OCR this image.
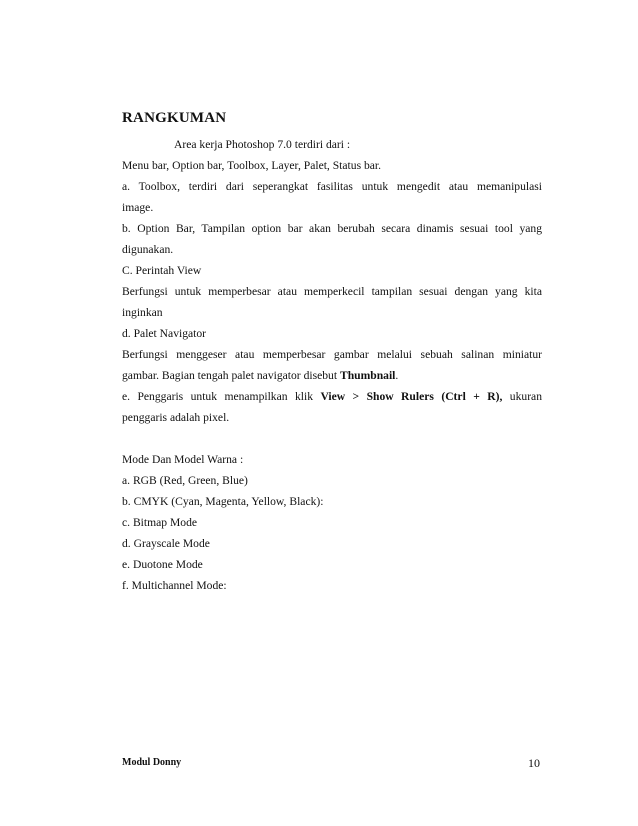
RANGKUMAN
Area kerja Photoshop 7.0 terdiri dari :
Menu bar, Option bar, Toolbox, Layer, Palet, Status bar.
a. Toolbox, terdiri dari seperangkat fasilitas untuk mengedit atau memanipulasi
image.
b. Option Bar, Tampilan option bar akan berubah secara dinamis sesuai tool yang
digunakan.
C. Perintah View
Berfungsi untuk memperbesar atau memperkecil tampilan sesuai dengan yang kita
inginkan
d. Palet Navigator
Berfungsi menggeser atau memperbesar gambar melalui sebuah salinan miniatur
gambar. Bagian tengah palet navigator disebut Thumbnail.
e. Penggaris untuk menampilkan klik View > Show Rulers (Ctrl + R), ukuran
penggaris adalah pixel.
Mode Dan Model Warna :
a. RGB (Red, Green, Blue)
b. CMYK (Cyan, Magenta, Yellow, Black):
c. Bitmap Mode
d. Grayscale Mode
e. Duotone Mode
f. Multichannel Mode:
Modul Donny	10
